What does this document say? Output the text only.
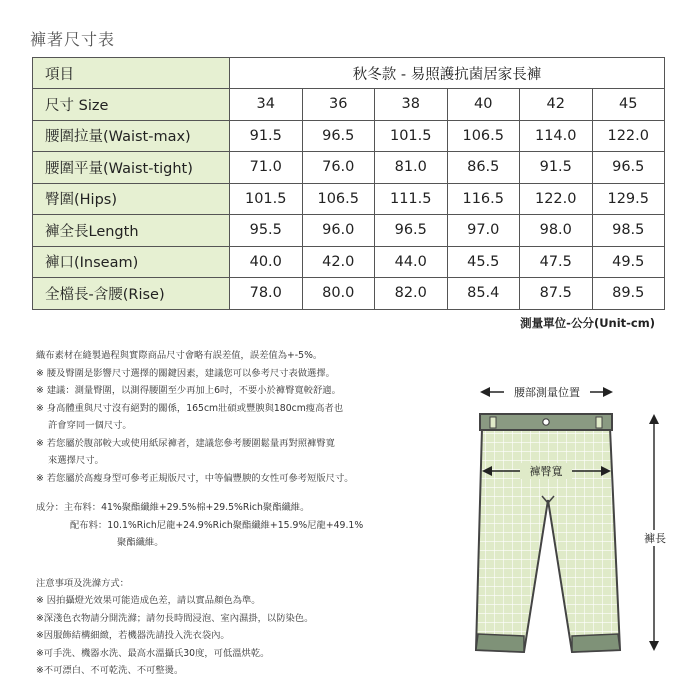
褲著尺寸表
項目	秋冬款 - 易照護抗菌居家長褲					
尺寸 Size	34	36	38	40	42	45
腰圍拉量(Waist-max)	91.5	96.5	101.5	106.5	114.0	122.0
腰圍平量(Waist-tight)	71.0	76.0	81.0	86.5	91.5	96.5
臀圍(Hips)	101.5	106.5	111.5	116.5	122.0	129.5
褲全長Length	95.5	96.0	96.5	97.0	98.0	98.5
褲口(Inseam)	40.0	42.0	44.0	45.5	47.5	49.5
全檔長-含腰(Rise)	78.0	80.0	82.0	85.4	87.5	89.5
測量單位-公分(Unit-cm)
織布素材在縫製過程與實際商品尺寸會略有誤差值，誤差值為+-5%。
※ 腰及臀圍是影響尺寸選擇的關鍵因素，建議您可以參考尺寸表做選擇。
※ 建議：測量臀圍，以測得腰圍至少再加上6吋，不要小於褲臀寬較舒適。
※ 身高體重與尺寸沒有絕對的關係，165cm壯碩或豐腴與180cm瘦高者也
許會穿同一個尺寸。
※ 若您屬於腹部較大或使用紙尿褲者，建議您參考腰圍鬆量再對照褲臀寬
來選擇尺寸。
※ 若您屬於高瘦身型可參考正規版尺寸，中等偏豐腴的女性可參考短版尺寸。
成分：主布料：41%聚酯纖維+29.5%棉+29.5%Rich聚酯纖維。
配布料：10.1%Rich尼龍+24.9%Rich聚酯纖維+15.9%尼龍+49.1%
聚酯纖維。
注意事項及洗滌方式：
※ 因拍攝燈光效果可能造成色差，請以實品顏色為準。
※深淺色衣物請分開洗滌；請勿長時間浸泡、室內濕掛，以防染色。
※因服飾結構細緻，若機器洗請投入洗衣袋內。
※可手洗、機器水洗、最高水溫攝氏30度，可低溫烘乾。
※不可漂白、不可乾洗、不可整燙。
腰部測量位置
褲臀寬
褲長
